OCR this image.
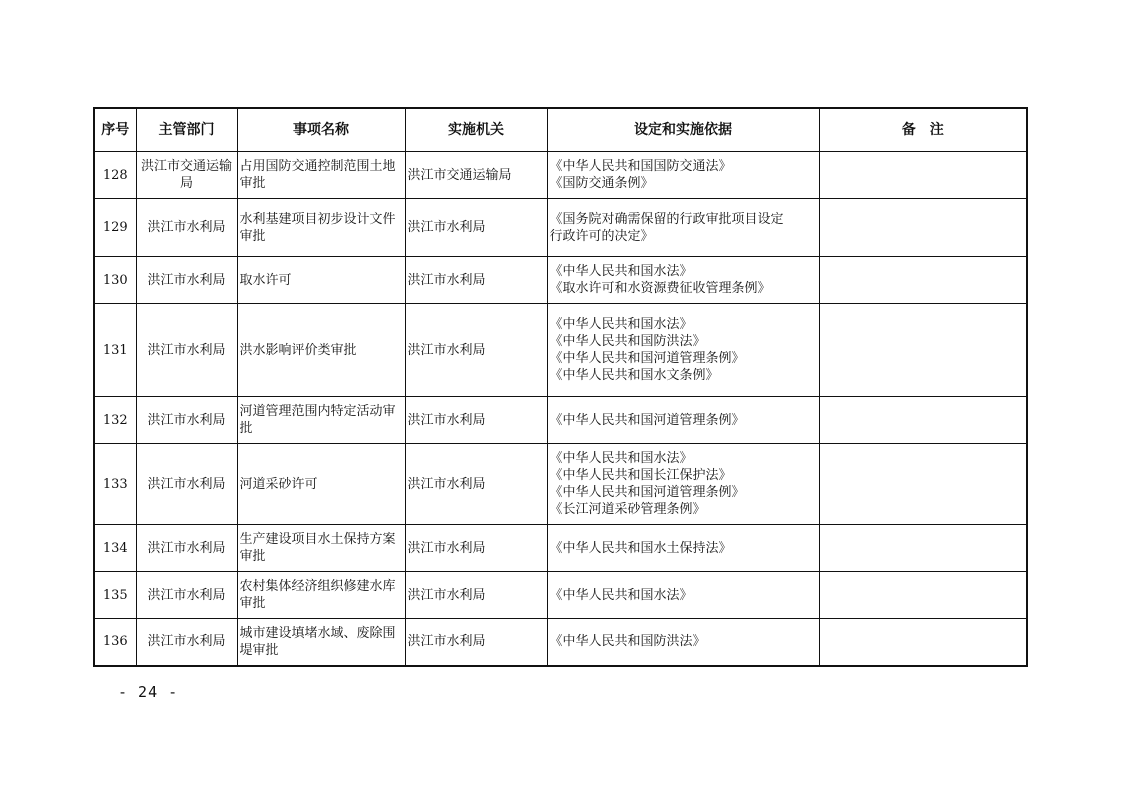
序号	主管部门	事项名称	实施机关	设定和实施依据	备　注
128	洪江市交通运输局	占用国防交通控制范围土地审批	洪江市交通运输局	《中华人民共和国国防交通法》
《国防交通条例》	

129	洪江市水利局	水利基建项目初步设计文件审批	洪江市水利局	《国务院对确需保留的行政审批项目设定
行政许可的决定》	

130	洪江市水利局	取水许可	洪江市水利局	《中华人民共和国水法》
《取水许可和水资源费征收管理条例》	

131	洪江市水利局	洪水影响评价类审批	洪江市水利局	《中华人民共和国水法》
《中华人民共和国防洪法》
《中华人民共和国河道管理条例》
《中华人民共和国水文条例》	

132	洪江市水利局	河道管理范围内特定活动审批	洪江市水利局	《中华人民共和国河道管理条例》	

133	洪江市水利局	河道采砂许可	洪江市水利局	《中华人民共和国水法》
《中华人民共和国长江保护法》
《中华人民共和国河道管理条例》
《长江河道采砂管理条例》	

134	洪江市水利局	生产建设项目水土保持方案审批	洪江市水利局	《中华人民共和国水土保持法》	

135	洪江市水利局	农村集体经济组织修建水库审批	洪江市水利局	《中华人民共和国水法》	

136	洪江市水利局	城市建设填堵水域、废除围堤审批	洪江市水利局	《中华人民共和国防洪法》	

- 24 -
